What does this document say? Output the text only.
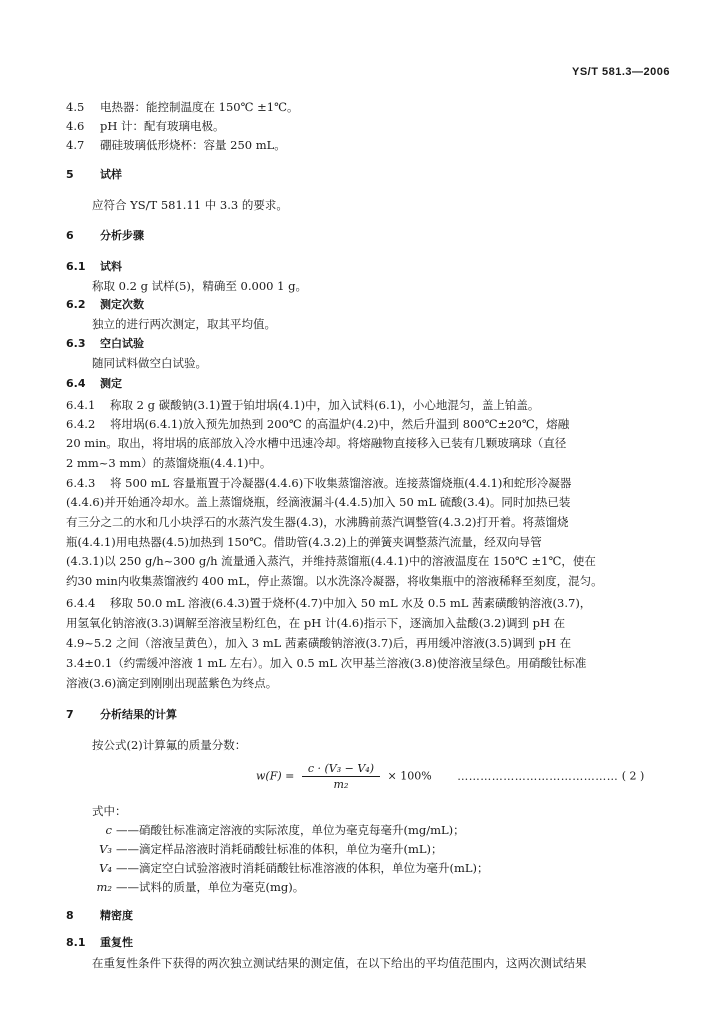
YS/T 581.3—2006
4.5 电热器：能控制温度在 150℃ ±1℃。
4.6 pH 计：配有玻璃电极。
4.7 硼硅玻璃低形烧杯：容量 250 mL。
5 试样
应符合 YS/T 581.11 中 3.3 的要求。
6 分析步骤
6.1 试料
称取 0.2 g 试样(5)，精确至 0.000 1 g。
6.2 测定次数
独立的进行两次测定，取其平均值。
6.3 空白试验
随同试料做空白试验。
6.4 测定
6.4.1 称取 2 g 碳酸钠(3.1)置于铂坩埚(4.1)中，加入试料(6.1)，小心地混匀，盖上铂盖。
6.4.2 将坩埚(6.4.1)放入预先加热到 200℃ 的高温炉(4.2)中，然后升温到 800℃±20℃，熔融
20 min。取出，将坩埚的底部放入冷水槽中迅速冷却。将熔融物直接移入已装有几颗玻璃球（直径
2 mm~3 mm）的蒸馏烧瓶(4.4.1)中。
6.4.3 将 500 mL 容量瓶置于冷凝器(4.4.6)下收集蒸馏溶液。连接蒸馏烧瓶(4.4.1)和蛇形冷凝器
(4.4.6)并开始通冷却水。盖上蒸馏烧瓶，经滴液漏斗(4.4.5)加入 50 mL 硫酸(3.4)。同时加热已装
有三分之二的水和几小块浮石的水蒸汽发生器(4.3)，水沸腾前蒸汽调整管(4.3.2)打开着。将蒸馏烧
瓶(4.4.1)用电热器(4.5)加热到 150℃。借助管(4.3.2)上的弹簧夹调整蒸汽流量，经双向导管
(4.3.1)以 250 g/h~300 g/h 流量通入蒸汽，并维持蒸馏瓶(4.4.1)中的溶液温度在 150℃ ±1℃，使在
约30 min内收集蒸馏液约 400 mL，停止蒸馏。以水洗涤冷凝器，将收集瓶中的溶液稀释至刻度，混匀。
6.4.4 移取 50.0 mL 溶液(6.4.3)置于烧杯(4.7)中加入 50 mL 水及 0.5 mL 茜素磺酸钠溶液(3.7)，
用氢氧化钠溶液(3.3)调解至溶液呈粉红色，在 pH 计(4.6)指示下，逐滴加入盐酸(3.2)调到 pH 在
4.9~5.2 之间（溶液呈黄色），加入 3 mL 茜素磺酸钠溶液(3.7)后，再用缓冲溶液(3.5)调到 pH 在
3.4±0.1（约需缓冲溶液 1 mL 左右）。加入 0.5 mL 次甲基兰溶液(3.8)使溶液呈绿色。用硝酸钍标准
溶液(3.6)滴定到刚刚出现蓝紫色为终点。
7 分析结果的计算
按公式(2)计算氟的质量分数：
$w(F) = \frac{\text{c · (V₃ − V₄)}}{\text{m₂}} \times 100\%$ …………………………………… ( 2 )
式中：
c ——硝酸钍标准滴定溶液的实际浓度，单位为毫克每毫升(mg/mL)；
V₃ ——滴定样品溶液时消耗硝酸钍标准的体积，单位为毫升(mL)；
V₄ ——滴定空白试验溶液时消耗硝酸钍标准溶液的体积，单位为毫升(mL)；
m₂ ——试料的质量，单位为毫克(mg)。
8 精密度
8.1 重复性
在重复性条件下获得的两次独立测试结果的测定值，在以下给出的平均值范围内，这两次测试结果
